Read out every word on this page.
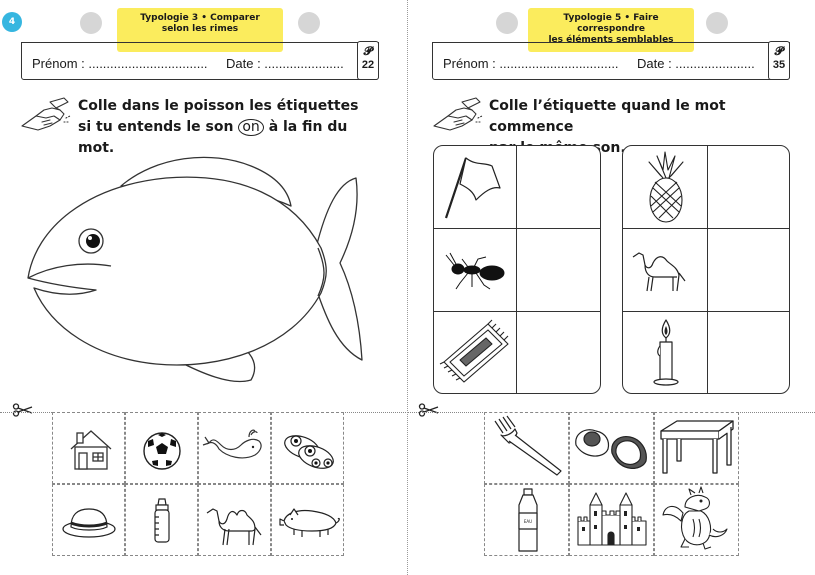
4	Typologie 3 • Comparer
selon les rimes
Prénom : ................................. Date : ......................
𝓟
22
Colle dans le poisson les étiquettes
si tu entends le son on à la fin du mot.
Typologie 5 • Faire correspondre
les éléments semblables
Prénom : ................................. Date : ......................
𝓟
35
Colle l’étiquette quand le mot commence
son.
EAU
